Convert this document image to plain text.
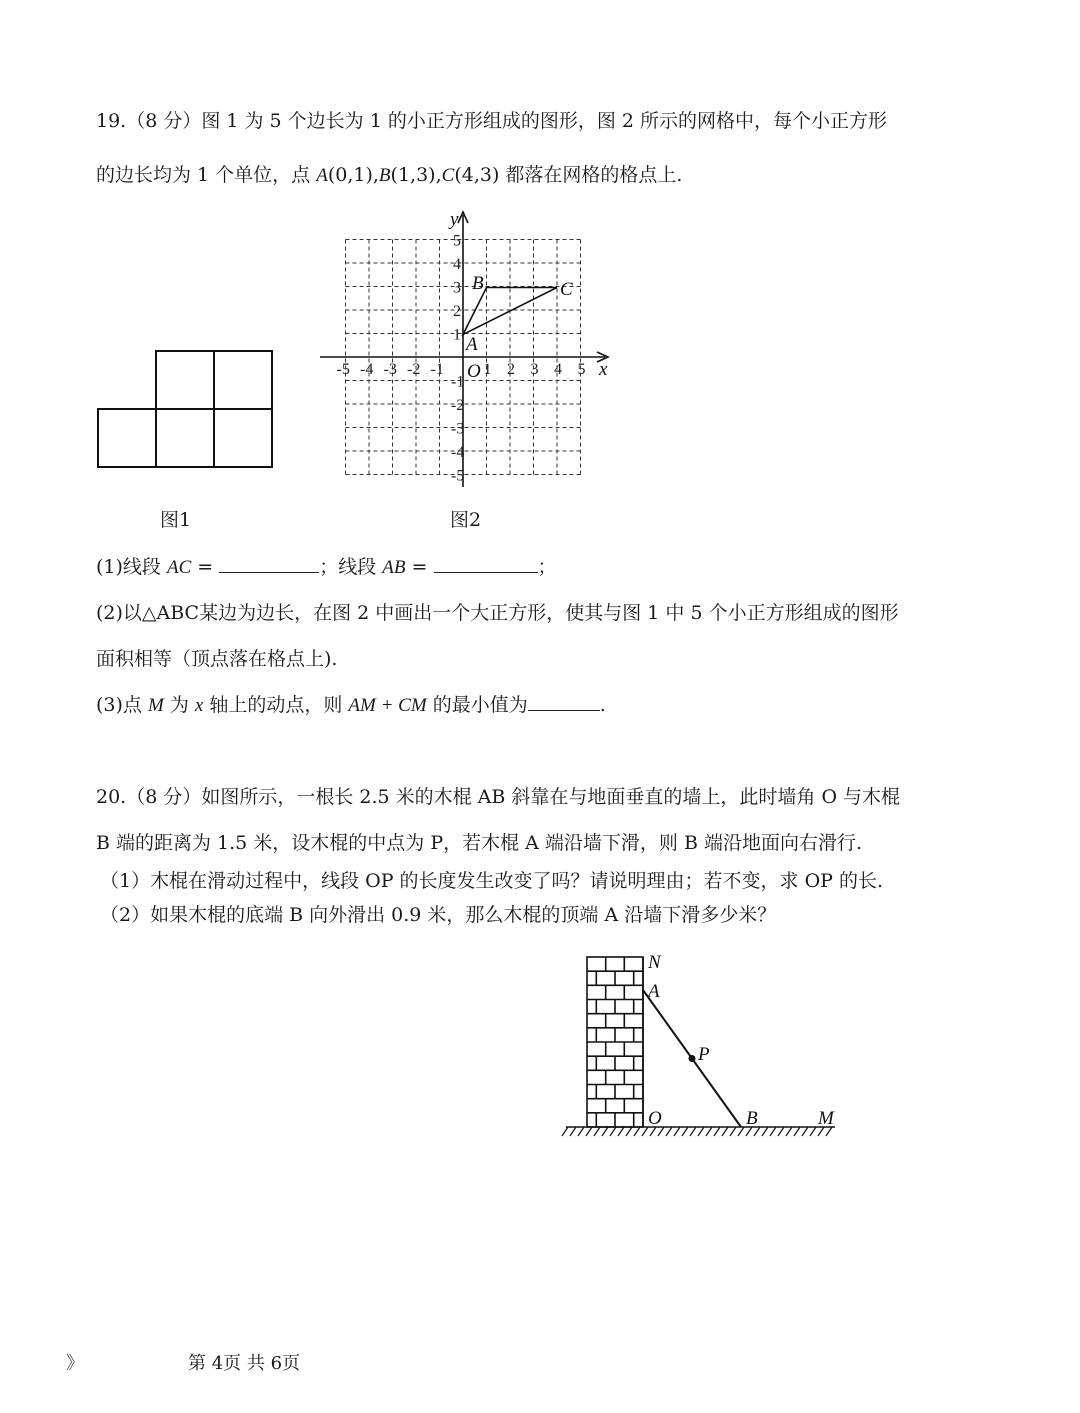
19.（8 分）图 1 为 5 个边长为 1 的小正方形组成的图形，图 2 所示的网格中，每个小正方形
的边长均为 1 个单位，点 A(0,1),B(1,3),C(4,3) 都落在网格的格点上.
图1
-5 -4 -3 -2 -1 1 2 3 4 5
5
4
3
2
1
-1
-2
-3
-4
-5
x
y
O
A
B	C
图2
(1)线段 AC =	；线段 AB =	；
(2)以△ABC某边为边长，在图 2 中画出一个大正方形，使其与图 1 中 5 个小正方形组成的图形
面积相等（顶点落在格点上).
(3)点 M 为 x 轴上的动点，则 AM + CM 的最小值为	.
20.（8 分）如图所示，一根长 2.5 米的木棍 AB 斜靠在与地面垂直的墙上，此时墙角 O 与木棍
B 端的距离为 1.5 米，设木棍的中点为 P，若木棍 A 端沿墙下滑，则 B 端沿地面向右滑行.
（1）木棍在滑动过程中，线段 OP 的长度发生改变了吗？请说明理由；若不变，求 OP 的长.
（2）如果木棍的底端 B 向外滑出 0.9 米，那么木棍的顶端 A 沿墙下滑多少米？
N
A
P
O	B	M
》	第 4页 共 6页
